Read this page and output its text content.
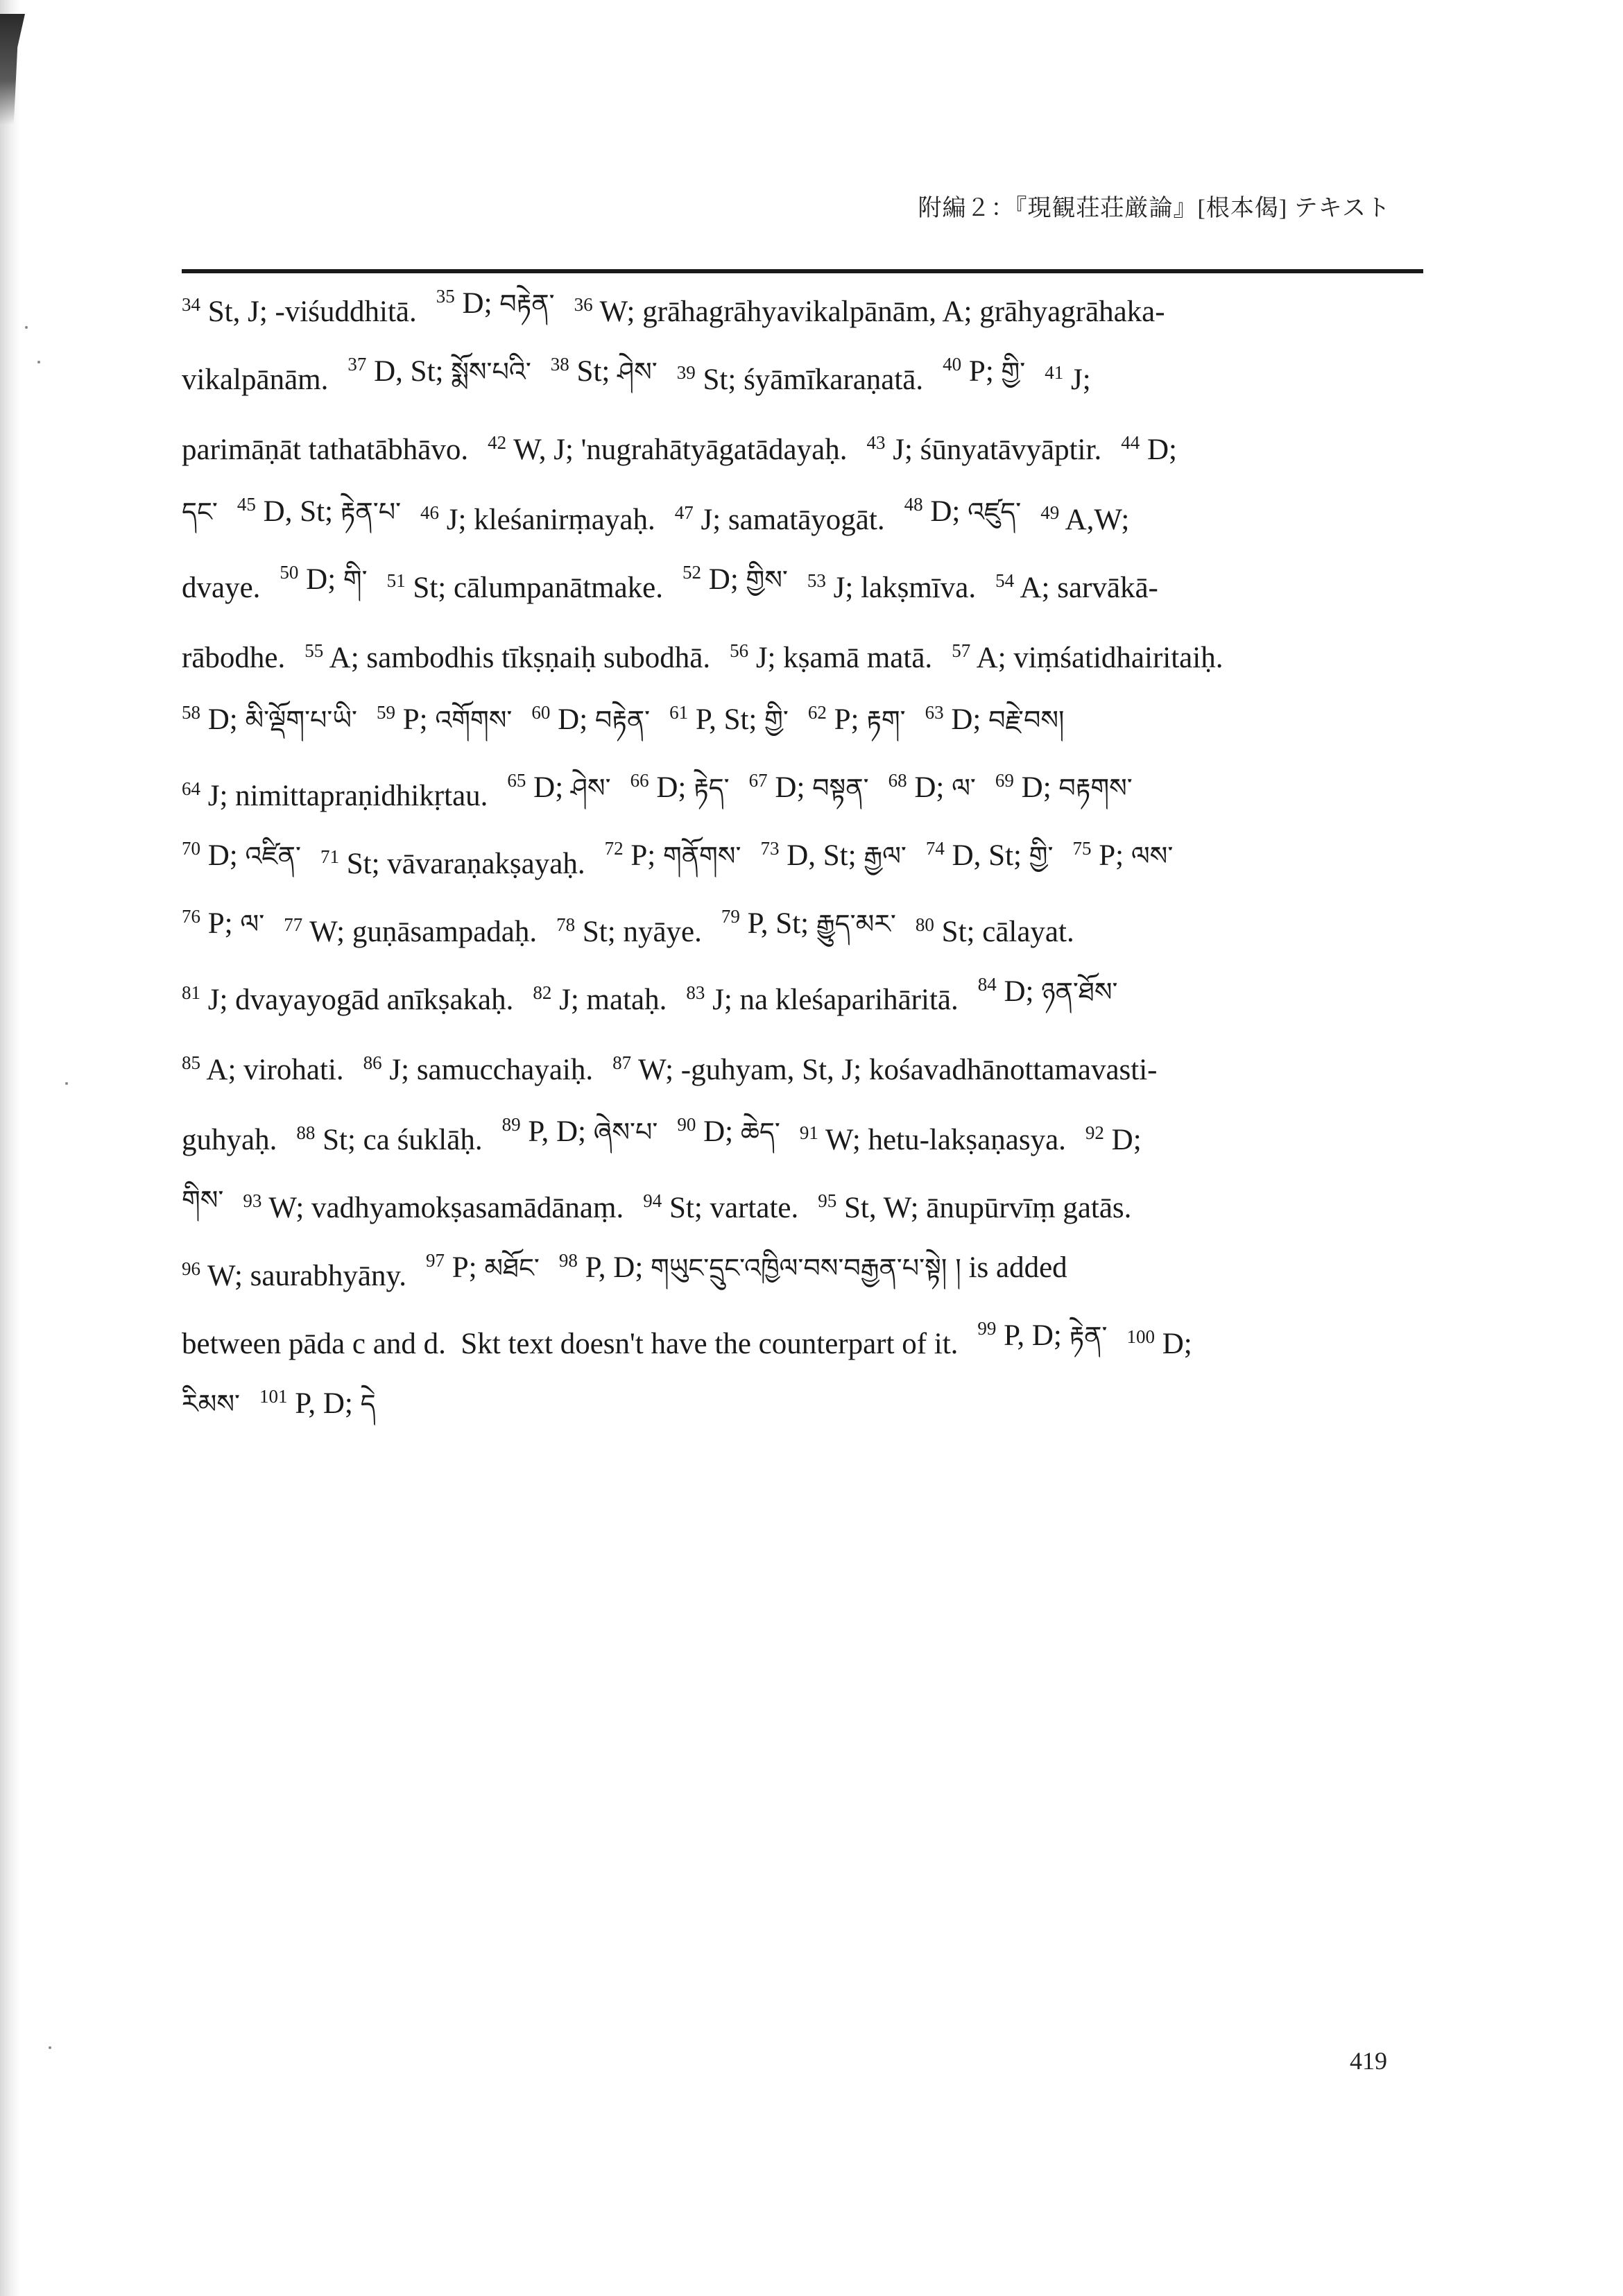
附編２：『現観荘荘厳論』[根本偈] テキスト
$^{34}$ St, J; -viśuddhitā. $^{35}$ D; བརྟེན་ $^{36}$ W; grāhagrāhyavikalpānām, A; grāhyagrāhaka-
vikalpānām. $^{37}$ D, St; སྨོས་པའི་ $^{38}$ St; ཤེས་ $^{39}$ St; śyāmīkaraṇatā. $^{40}$ P; གྱི་ $^{41}$ J;
parimāṇāt tathatābhāvo. $^{42}$ W, J; 'nugrahātyāgatādayaḥ. $^{43}$ J; śūnyatāvyāptir. $^{44}$ D;
དང་ $^{45}$ D, St; རྟེན་པ་ $^{46}$ J; kleśanirṃayaḥ. $^{47}$ J; samatāyogāt. $^{48}$ D; འཛུད་ $^{49}$ A,W;
dvaye. $^{50}$ D; གི་ $^{51}$ St; cālumpanātmake. $^{52}$ D; གྱིས་ $^{53}$ J; lakṣmīva. $^{54}$ A; sarvākā-
rābodhe. $^{55}$ A; sambodhis tīkṣṇaiḥ subodhā. $^{56}$ J; kṣamā matā. $^{57}$ A; viṃśatidhairitaiḥ.
$^{58}$ D; མི་ལྡོག་པ་ཡི་ $^{59}$ P; འགོགས་ $^{60}$ D; བརྟེན་ $^{61}$ P, St; གྱི་ $^{62}$ P; རྟག་ $^{63}$ D; བརྗེ་བས།
$^{64}$ J; nimittapraṇidhikṛtau. $^{65}$ D; ཤེས་ $^{66}$ D; རྟེད་ $^{67}$ D; བསྟན་ $^{68}$ D; ལ་ $^{69}$ D; བརྟགས་
$^{70}$ D; འཛིན་ $^{71}$ St; vāvaraṇakṣayaḥ. $^{72}$ P; གནོགས་ $^{73}$ D, St; རྒྱལ་ $^{74}$ D, St; གྱི་ $^{75}$ P; ལས་
$^{76}$ P; ལ་ $^{77}$ W; guṇāsampadaḥ. $^{78}$ St; nyāye. $^{79}$ P, St; རྒྱུད་མར་ $^{80}$ St; cālayat.
$^{81}$ J; dvayayogād anīkṣakaḥ. $^{82}$ J; mataḥ. $^{83}$ J; na kleśaparihāritā. $^{84}$ D; ཉན་ཐོས་
$^{85}$ A; virohati. $^{86}$ J; samucchayaiḥ. $^{87}$ W; -guhyam, St, J; kośavadhānottamavasti-
guhyaḥ. $^{88}$ St; ca śuklāḥ. $^{89}$ P, D; ཞེས་པ་ $^{90}$ D; ཆེད་ $^{91}$ W; hetu-lakṣaṇasya. $^{92}$ D;
གིས་ $^{93}$ W; vadhyamokṣasamādānaṃ. $^{94}$ St; vartate. $^{95}$ St, W; ānupūrvīṃ gatās.
$^{96}$ W; saurabhyāny. $^{97}$ P; མཐོང་ $^{98}$ P, D; གཡུང་དྲུང་འཁྱིལ་བས་བརྒྱན་པ་སྟེ། ། is added
between pāda c and d.  Skt text doesn't have the counterpart of it. $^{99}$ P, D; རྟེན་ $^{100}$ D;
རིམས་ $^{101}$ P, D; དེ
419
